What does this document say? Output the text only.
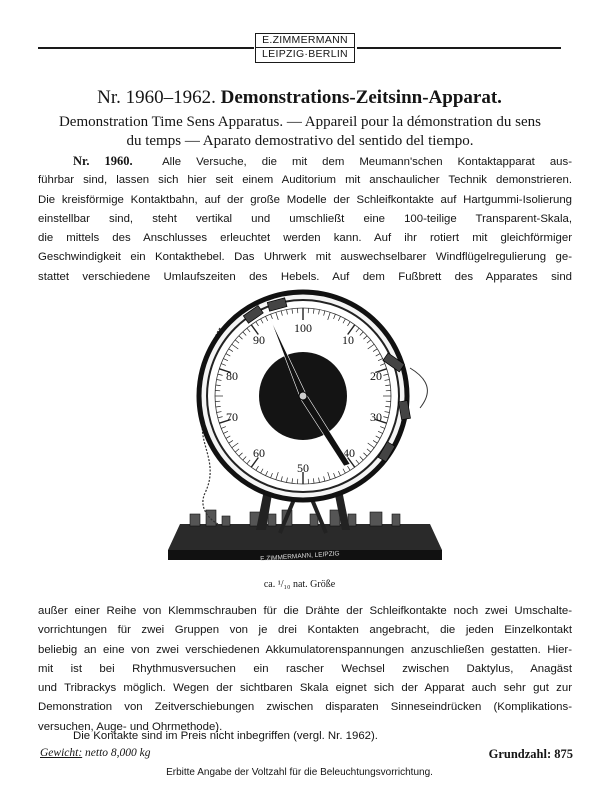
E.ZIMMERMANN
LEIPZIG·BERLIN
Nr. 1960–1962. Demonstrations-Zeitsinn-Apparat.
Demonstration Time Sens Apparatus. — Appareil pour la démonstration du sens
du temps — Aparato demostrativo del sentido del tiempo.
Nr. 1960.	Alle Versuche, die mit dem Meumann'schen Kontaktapparat aus-
führbar sind, lassen sich hier seit einem Auditorium mit anschaulicher Technik demonstrieren.
Die kreisförmige Kontaktbahn, auf der große Modelle der Schleifkontakte auf Hartgummi-Isolierung
einstellbar sind, steht vertikal und umschließt eine 100-teilige Transparent-Skala,
die mittels des Anschlusses erleuchtet werden kann. Auf ihr rotiert mit gleichförmiger
Geschwindigkeit ein Kontakthebel. Das Uhrwerk mit auswechselbarer Windflügelregulierung ge-
stattet verschiedene Umlaufszeiten des Hebels. Auf dem Fußbrett des Apparates sind
E.ZIMMERMANN, LEIPZIG
100
10
20
30
40
50
60
70
80
90
ca. ¹/₁₀ nat. Größe
außer einer Reihe von Klemmschrauben für die Drähte der Schleifkontakte noch zwei Umschalte-
vorrichtungen für zwei Gruppen von je drei Kontakten angebracht, die jeden Einzelkontakt
beliebig an eine von zwei verschiedenen Akkumulatorenspannungen anzuschließen gestatten. Hier-
mit ist bei Rhythmusversuchen ein rascher Wechsel zwischen Daktylus, Anagäst
und Tribrackys möglich. Wegen der sichtbaren Skala eignet sich der Apparat auch sehr gut zur
Demonstration von Zeitverschiebungen zwischen disparaten Sinneseindrücken (Komplikations-
versuchen, Auge- und Ohrmethode).
Die Kontakte sind im Preis nicht inbegriffen (vergl. Nr. 1962).
Gewicht: netto 8,000 kg	Grundzahl: 875
Erbitte Angabe der Voltzahl für die Beleuchtungsvorrichtung.
